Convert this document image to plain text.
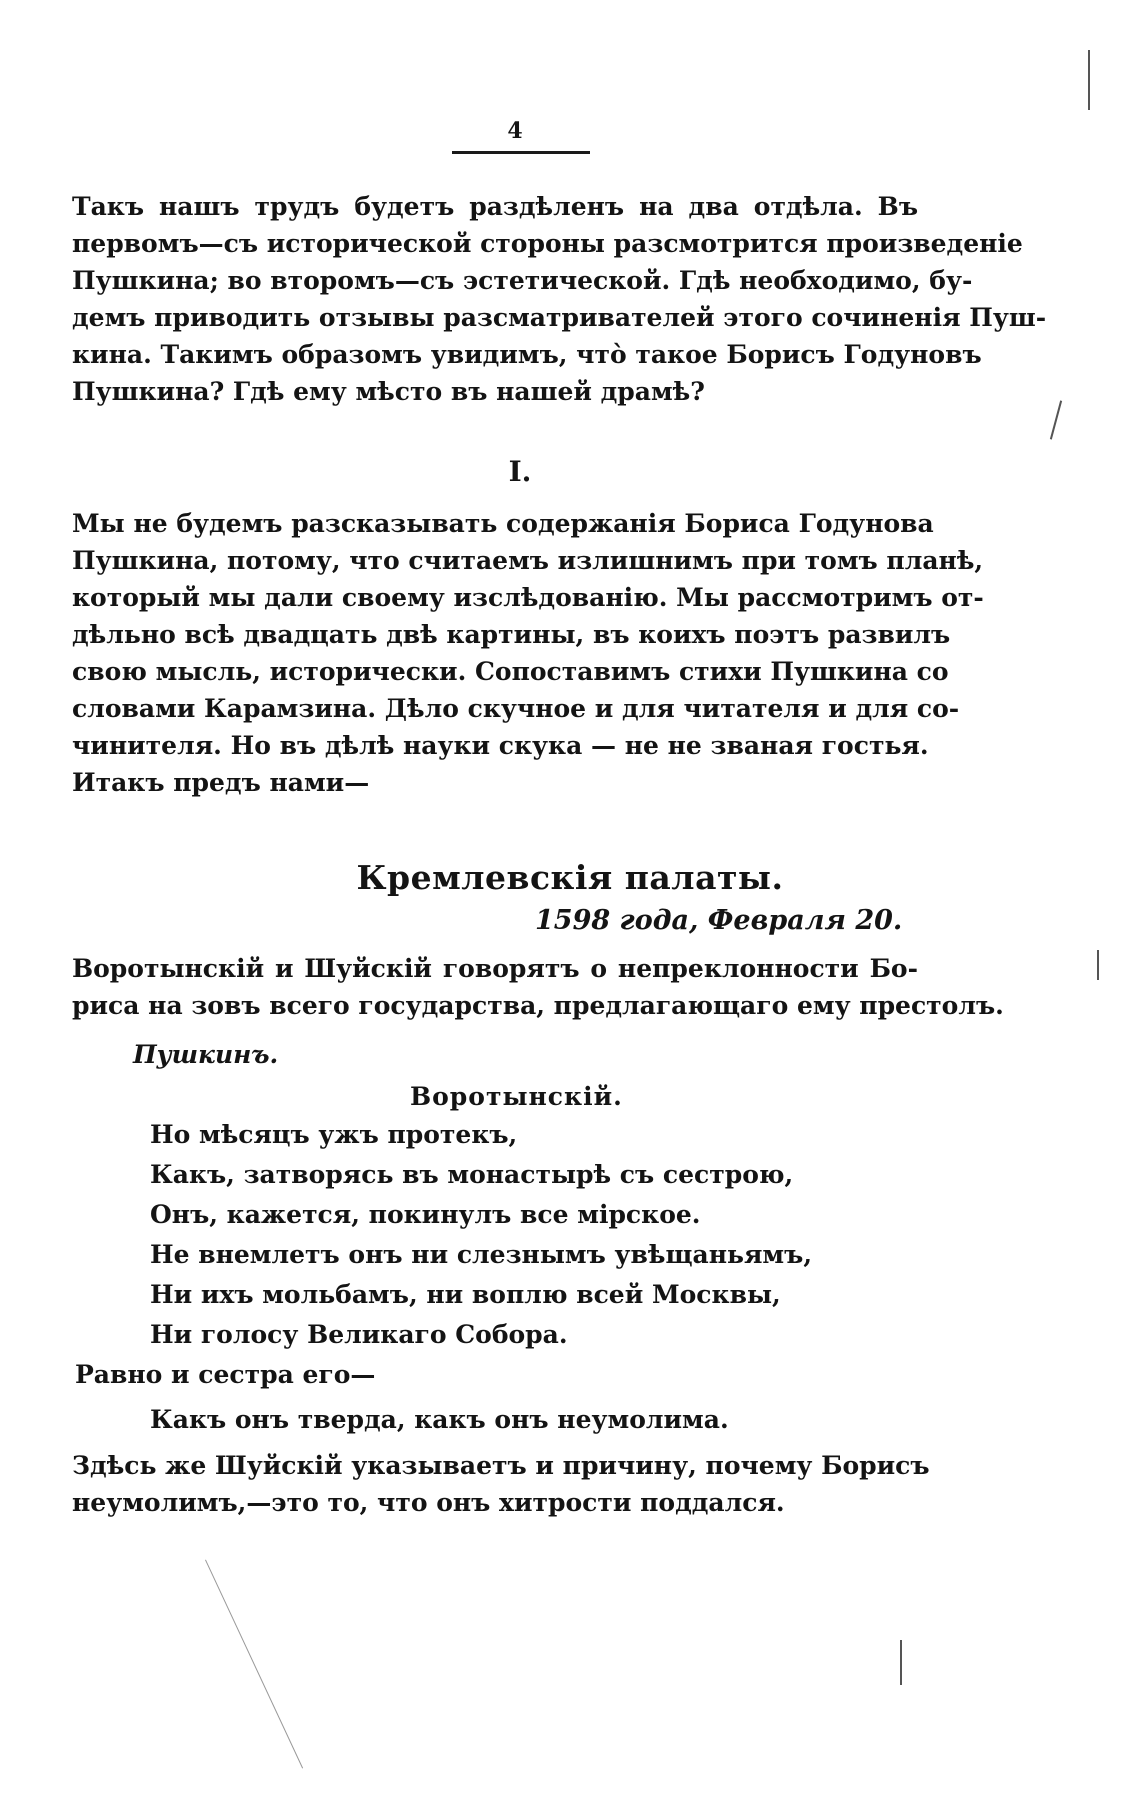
4
Такъ нашъ трудъ будетъ раздѣленъ на два отдѣла. Въ
первомъ—съ исторической стороны разсмотрится произведеніе
Пушкина; во второмъ—съ эстетической. Гдѣ необходимо, бу-
демъ приводить отзывы разсматривателей этого сочиненія Пуш-
кина. Такимъ образомъ увидимъ, что̀ такое Борисъ Годуновъ
Пушкина? Гдѣ ему мѣсто въ нашей драмѣ?
I.
Мы не будемъ разсказывать содержанія Бориса Годунова
Пушкина, потому, что считаемъ излишнимъ при томъ планѣ,
который мы дали своему изслѣдованію. Мы рассмотримъ от-
дѣльно всѣ двадцать двѣ картины, въ коихъ поэтъ развилъ
свою мысль, исторически. Сопоставимъ стихи Пушкина со
словами Карамзина. Дѣло скучное и для читателя и для со-
чинителя. Но въ дѣлѣ науки скука — не не званая гостья.
Итакъ предъ нами—
Кремлевскія палаты.
1598 года, Февраля 20.
Воротынскій и Шуйскій говорятъ о непреклонности Бо-
риса на зовъ всего государства, предлагающаго ему престолъ.
Пушкинъ.
Воротынскій.
Но мѣсяцъ ужъ протекъ,
Какъ, затворясь въ монастырѣ съ сестрою,
Онъ, кажется, покинулъ все мірское.
Не внемлетъ онъ ни слезнымъ увѣщаньямъ,
Ни ихъ мольбамъ, ни воплю всей Москвы,
Ни голосу Великаго Собора.
Равно и сестра его—
Какъ онъ тверда, какъ онъ неумолима.
Здѣсь же Шуйскій указываетъ и причину, почему Борисъ
неумолимъ,—это то, что онъ хитрости поддался.
